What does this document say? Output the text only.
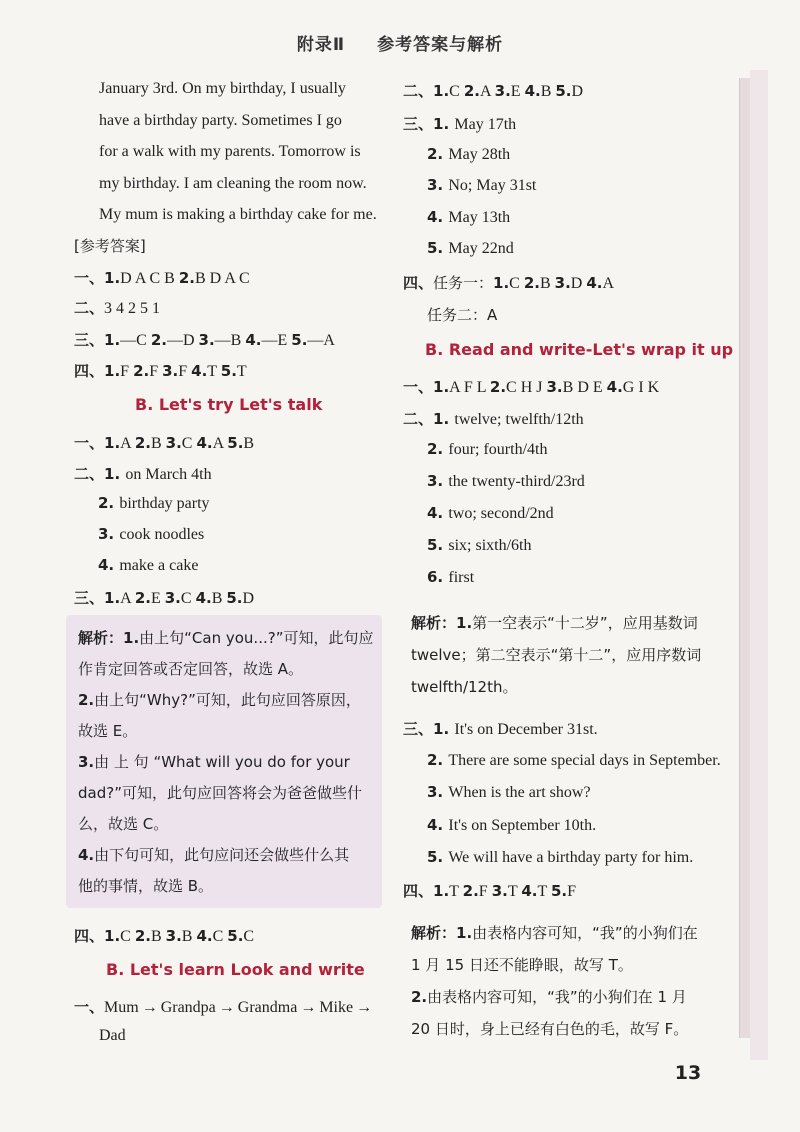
附录Ⅱ 参考答案与解析
January 3rd. On my birthday, I usually
have a birthday party. Sometimes I go
for a walk with my parents. Tomorrow is
my birthday. I am cleaning the room now.
My mum is making a birthday cake for me.
[参考答案]
一、1.D A C B 2.B D A C
二、3 4 2 5 1
三、1.—C 2.—D 3.—B 4.—E 5.—A
四、1.F 2.F 3.F 4.T 5.T
B. Let's try Let's talk
一、1.A 2.B 3.C 4.A 5.B
二、1. on March 4th
2. birthday party
3. cook noodles
4. make a cake
三、1.A 2.E 3.C 4.B 5.D
解析：1.由上句“Can you...?”可知，此句应
作肯定回答或否定回答，故选 A。
2.由上句“Why?”可知，此句应回答原因，
故选 E。
3.由 上 句 “What will you do for your
dad?”可知，此句应回答将会为爸爸做些什
么，故选 C。
4.由下句可知，此句应问还会做些什么其
他的事情，故选 B。
四、1.C 2.B 3.B 4.C 5.C
B. Let's learn Look and write
一、Mum → Grandpa → Grandma → Mike →
Dad
二、1.C 2.A 3.E 4.B 5.D
三、1. May 17th
2. May 28th
3. No; May 31st
4. May 13th
5. May 22nd
四、任务一：1.C 2.B 3.D 4.A
任务二：A
B. Read and write-Let's wrap it up
一、1.A F L 2.C H J 3.B D E 4.G I K
二、1. twelve; twelfth/12th
2. four; fourth/4th
3. the twenty-third/23rd
4. two; second/2nd
5. six; sixth/6th
6. first
解析：1.第一空表示“十二岁”，应用基数词
twelve；第二空表示“第十二”，应用序数词
twelfth/12th。
三、1. It's on December 31st.
2. There are some special days in September.
3. When is the art show?
4. It's on September 10th.
5. We will have a birthday party for him.
四、1.T 2.F 3.T 4.T 5.F
解析：1.由表格内容可知，“我”的小狗们在
1 月 15 日还不能睁眼，故写 T。
2.由表格内容可知，“我”的小狗们在 1 月
20 日时，身上已经有白色的毛，故写 F。
13
